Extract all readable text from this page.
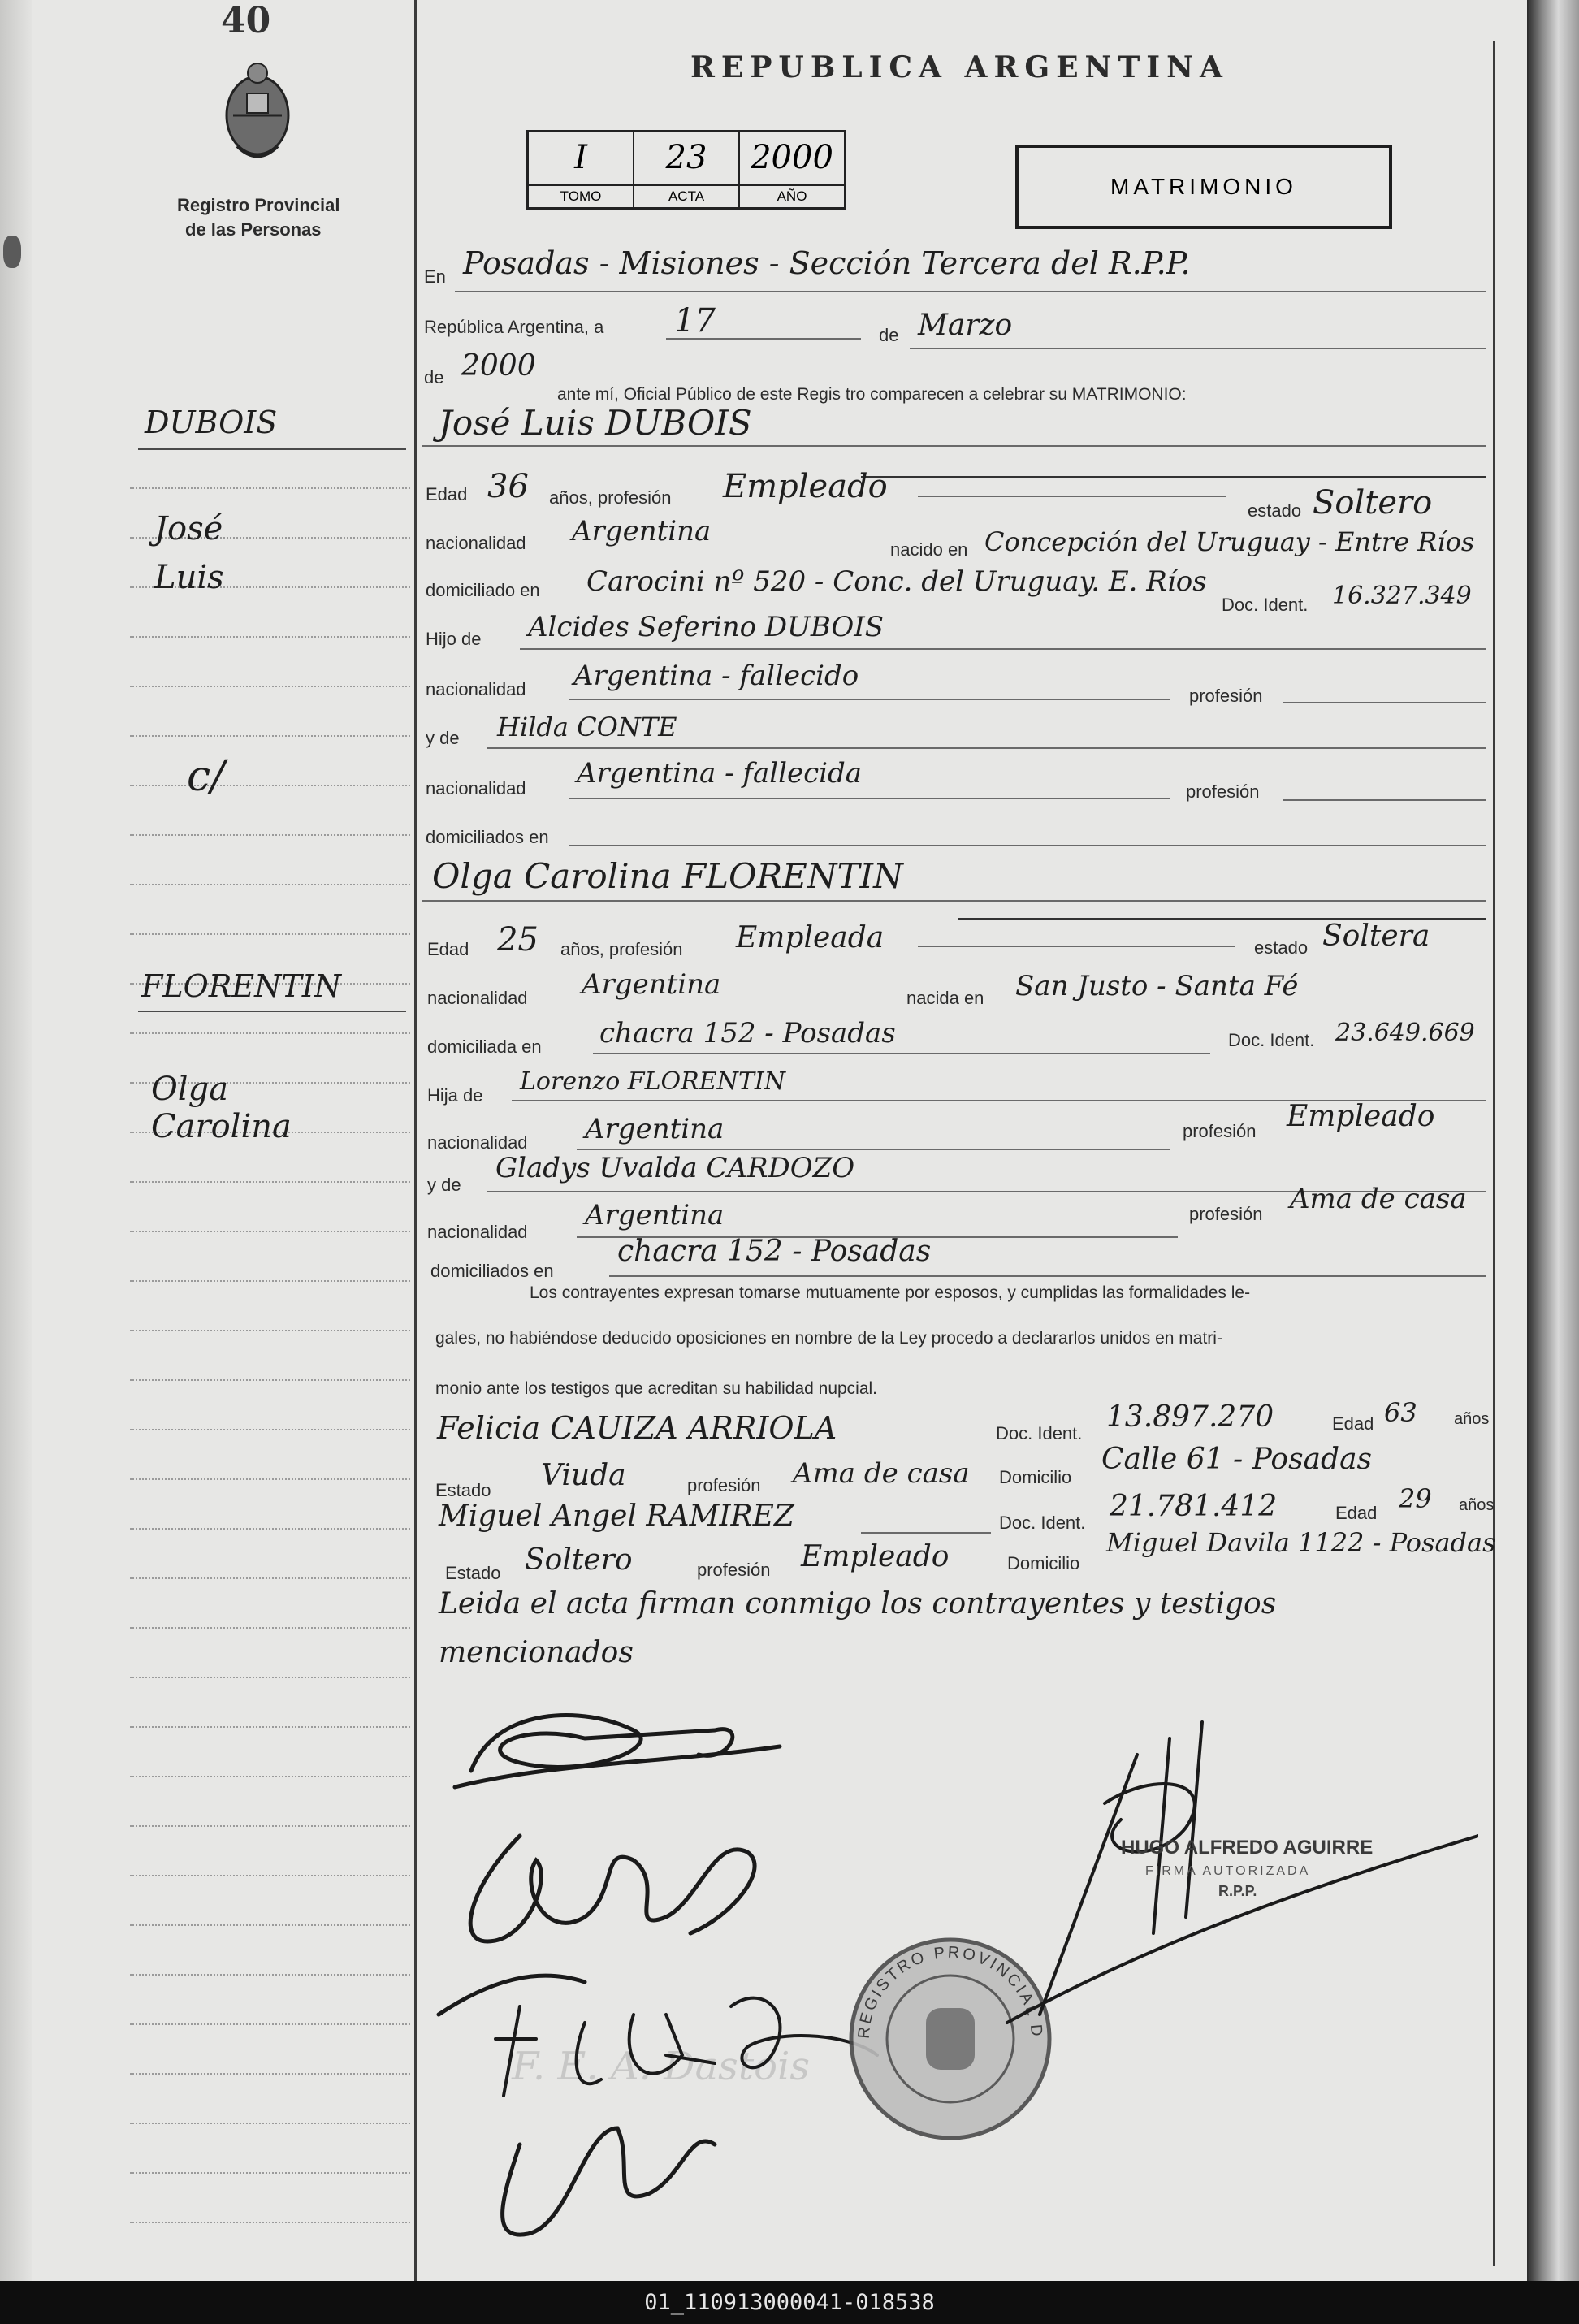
40
Registro Provincial
de las Personas
REPUBLICA ARGENTINA
I
TOMO
23
ACTA
2000
AÑO	MATRIMONIO
DUBOIS
José
Luis
c/
FLORENTIN
Olga
Carolina
En Posadas - Misiones - Sección Tercera del R.P.P.
República Argentina, a 17	de Marzo
de 2000
ante mí, Oficial Público de este Regis tro comparecen a celebrar su MATRIMONIO:
José Luis DUBOIS
Edad 36 años, profesión Empleado
estado Soltero
nacionalidad Argentina
nacido en Concepción del Uruguay - Entre Ríos
domiciliado en Carocini nº 520 - Conc. del Uruguay. E. Ríos
Doc. Ident. 16.327.349
Hijo de Alcides Seferino DUBOIS
nacionalidad Argentina - fallecido
profesión
y de Hilda CONTE
nacionalidad Argentina - fallecida
profesión
domiciliados en
Olga Carolina FLORENTIN
Edad 25 años, profesión Empleada	estado Soltera
nacionalidad Argentina	nacida en San Justo - Santa Fé
domiciliada en chacra 152 - Posadas	Doc. Ident. 23.649.669
Hija de Lorenzo FLORENTIN
nacionalidad Argentina	profesión Empleado
y de
Gladys Uvalda CARDOZO
nacionalidad
Argentina	profesión Ama de casa
domiciliados en
chacra 152 - Posadas
Los contrayentes expresan tomarse mutuamente por esposos, y cumplidas las formalidades le-
gales, no habiéndose deducido oposiciones en nombre de la Ley procedo a declararlos unidos en matri-
monio ante los testigos que acreditan su habilidad nupcial.
Felicia CAUIZA ARRIOLA	Doc. Ident. 13.897.270	Edad 63 años
Estado Viuda	profesión Ama de casa Domicilio
Calle 61 - Posadas
Miguel Angel RAMIREZ	Doc. Ident. 21.781.412	Edad 29 años
Estado Soltero	profesión Empleado	Domicilio
Miguel Davila 1122 - Posadas
Leida el acta firman conmigo los contrayentes y testigos
mencionados
F. E. A. Dastois
REGISTRO PROVINCIAL D
HUGO ALFREDO AGUIRRE
FIRMA AUTORIZADA
R.P.P.
01_110913000041-018538
